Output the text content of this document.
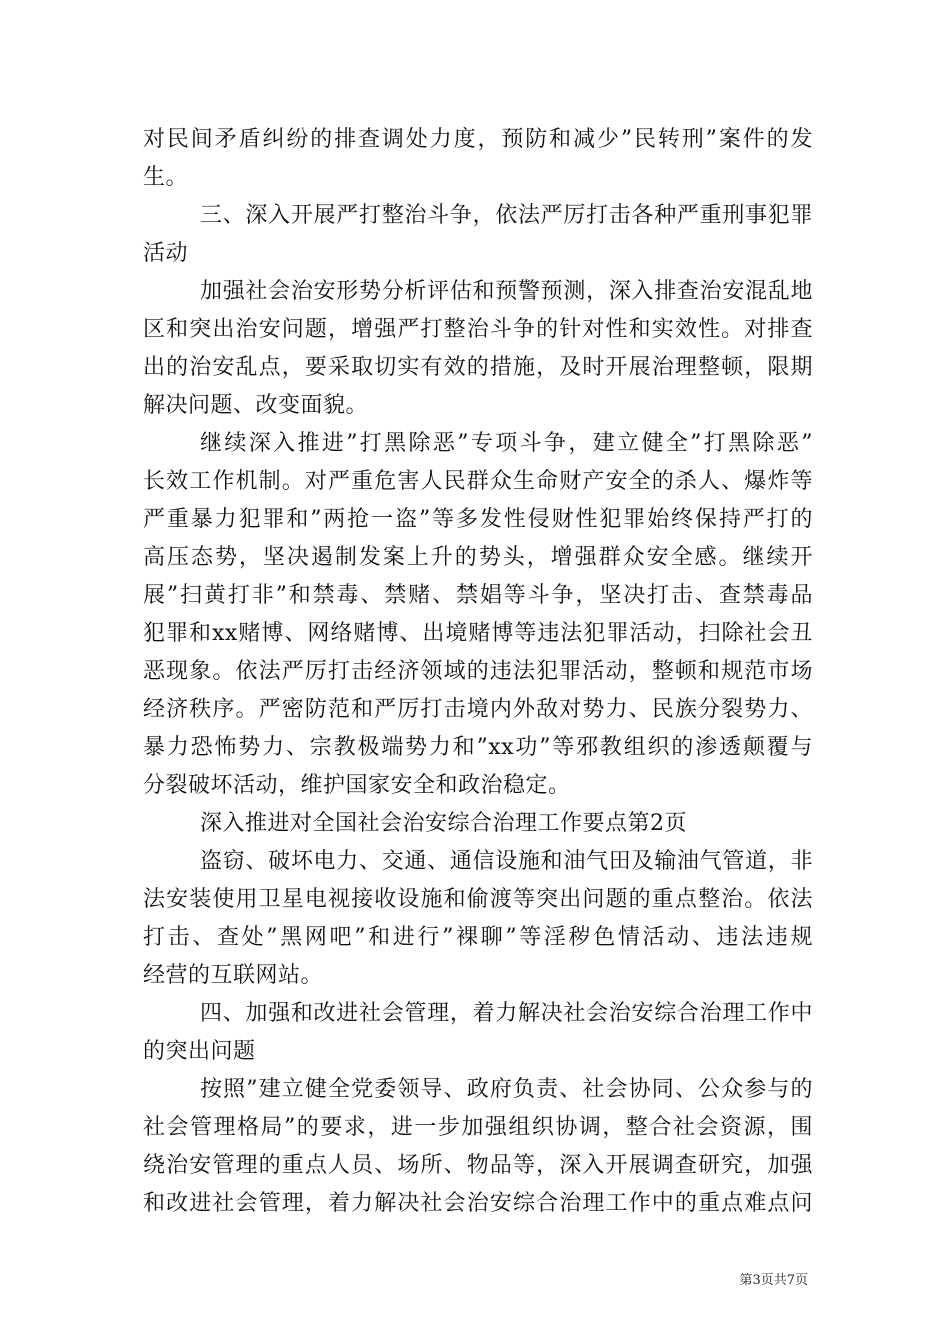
对民间矛盾纠纷的排查调处力度，预防和减少”民转刑”案件的发
生。
三、深入开展严打整治斗争，依法严厉打击各种严重刑事犯罪
活动
加强社会治安形势分析评估和预警预测，深入排查治安混乱地
区和突出治安问题，增强严打整治斗争的针对性和实效性。对排查
出的治安乱点，要采取切实有效的措施，及时开展治理整顿，限期
解决问题、改变面貌。
继续深入推进”打黑除恶”专项斗争，建立健全”打黑除恶”
长效工作机制。对严重危害人民群众生命财产安全的杀人、爆炸等
严重暴力犯罪和”两抢一盗”等多发性侵财性犯罪始终保持严打的
高压态势，坚决遏制发案上升的势头，增强群众安全感。继续开
展”扫黄打非”和禁毒、禁赌、禁娼等斗争，坚决打击、查禁毒品
犯罪和xx赌博、网络赌博、出境赌博等违法犯罪活动，扫除社会丑
恶现象。依法严厉打击经济领域的违法犯罪活动，整顿和规范市场
经济秩序。严密防范和严厉打击境内外敌对势力、民族分裂势力、
暴力恐怖势力、宗教极端势力和”xx功”等邪教组织的渗透颠覆与
分裂破坏活动，维护国家安全和政治稳定。
深入推进对全国社会治安综合治理工作要点第2页
盗窃、破坏电力、交通、通信设施和油气田及输油气管道，非
法安装使用卫星电视接收设施和偷渡等突出问题的重点整治。依法
打击、查处”黑网吧”和进行”裸聊”等淫秽色情活动、违法违规
经营的互联网站。
四、加强和改进社会管理，着力解决社会治安综合治理工作中
的突出问题
按照”建立健全党委领导、政府负责、社会协同、公众参与的
社会管理格局”的要求，进一步加强组织协调，整合社会资源，围
绕治安管理的重点人员、场所、物品等，深入开展调查研究，加强
和改进社会管理，着力解决社会治安综合治理工作中的重点难点问
第3页共7页
